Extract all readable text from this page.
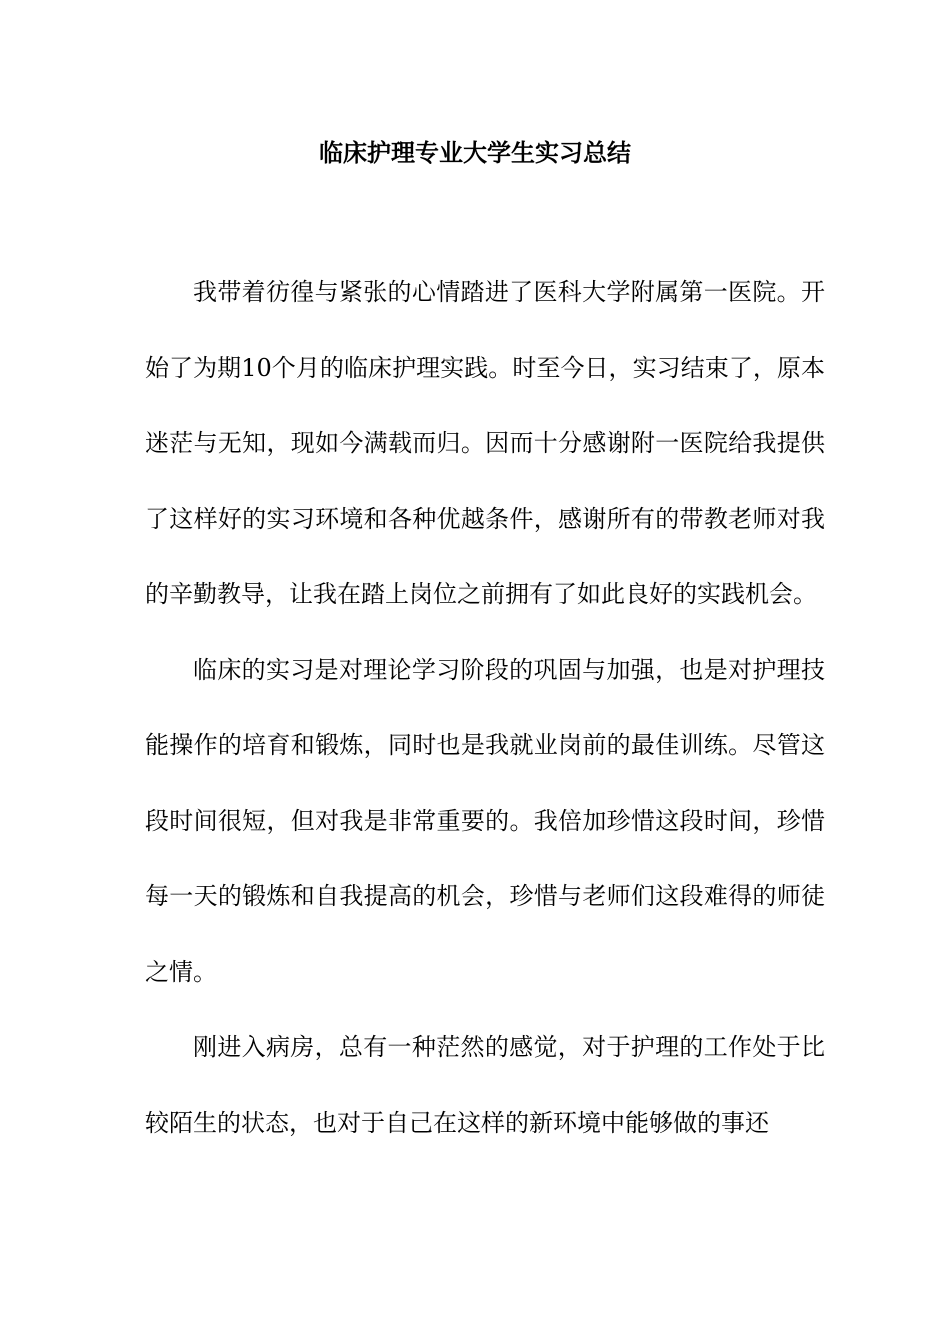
临床护理专业大学生实习总结

我带着彷徨与紧张的心情踏进了医科大学附属第一医院。开始了为期10个月的临床护理实践。时至今日，实习结束了，原本迷茫与无知，现如今满载而归。因而十分感谢附一医院给我提供了这样好的实习环境和各种优越条件，感谢所有的带教老师对我的辛勤教导，让我在踏上岗位之前拥有了如此良好的实践机会。

临床的实习是对理论学习阶段的巩固与加强，也是对护理技能操作的培育和锻炼，同时也是我就业岗前的最佳训练。尽管这段时间很短，但对我是非常重要的。我倍加珍惜这段时间，珍惜每一天的锻炼和自我提高的机会，珍惜与老师们这段难得的师徒之情。

刚进入病房，总有一种茫然的感觉，对于护理的工作处于比较陌生的状态，也对于自己在这样的新环境中能够做的事还
